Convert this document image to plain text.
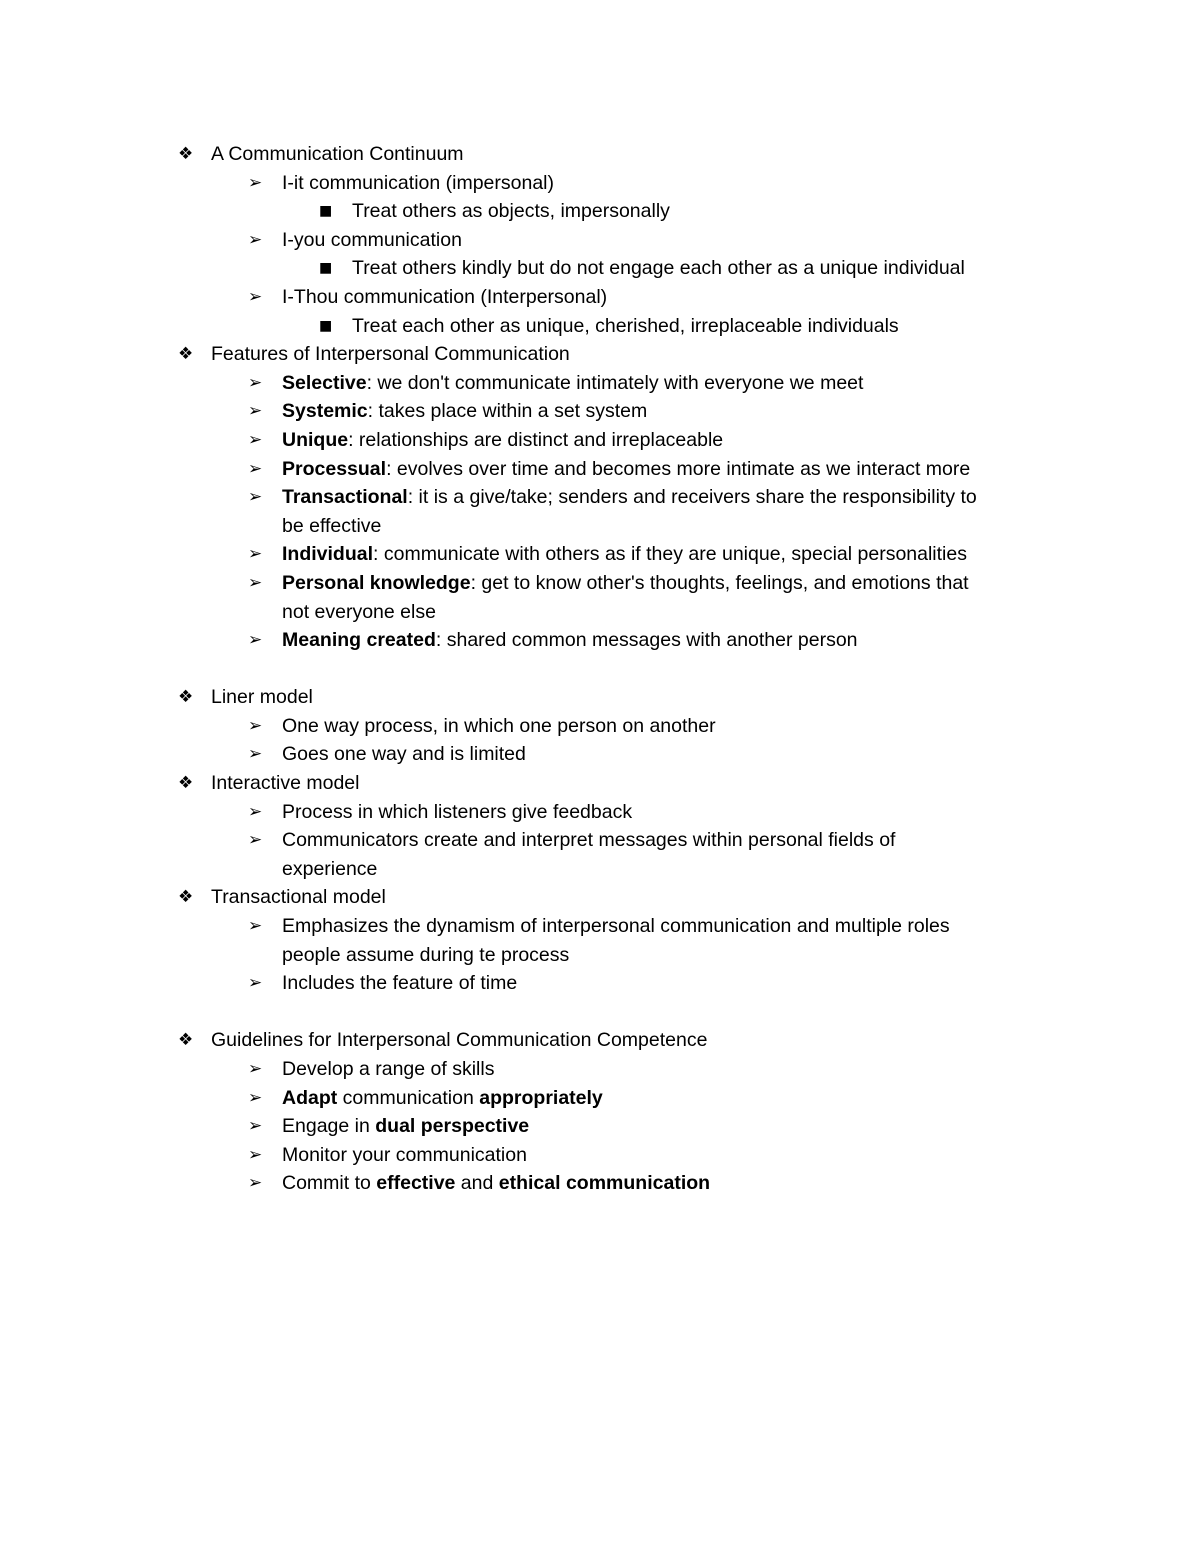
❖ A Communication Continuum
➢ I-it communication (impersonal)
■ Treat others as objects, impersonally
➢ I-you communication
■ Treat others kindly but do not engage each other as a unique individual
➢ I-Thou communication (Interpersonal)
■ Treat each other as unique, cherished, irreplaceable individuals
❖ Features of Interpersonal Communication
➢ Selective: we don't communicate intimately with everyone we meet
➢ Systemic: takes place within a set system
➢ Unique: relationships are distinct and irreplaceable
➢ Processual: evolves over time and becomes more intimate as we interact more
➢ Transactional: it is a give/take; senders and receivers share the responsibility to
be effective
➢ Individual: communicate with others as if they are unique, special personalities
➢ Personal knowledge: get to know other's thoughts, feelings, and emotions that
not everyone else
➢ Meaning created: shared common messages with another person
❖ Liner model
➢ One way process, in which one person on another
➢ Goes one way and is limited
❖ Interactive model
➢ Process in which listeners give feedback
➢ Communicators create and interpret messages within personal fields of
experience
❖ Transactional model
➢ Emphasizes the dynamism of interpersonal communication and multiple roles
people assume during te process
➢ Includes the feature of time
❖ Guidelines for Interpersonal Communication Competence
➢ Develop a range of skills
➢ Adapt communication appropriately
➢ Engage in dual perspective
➢ Monitor your communication
➢ Commit to effective and ethical communication
